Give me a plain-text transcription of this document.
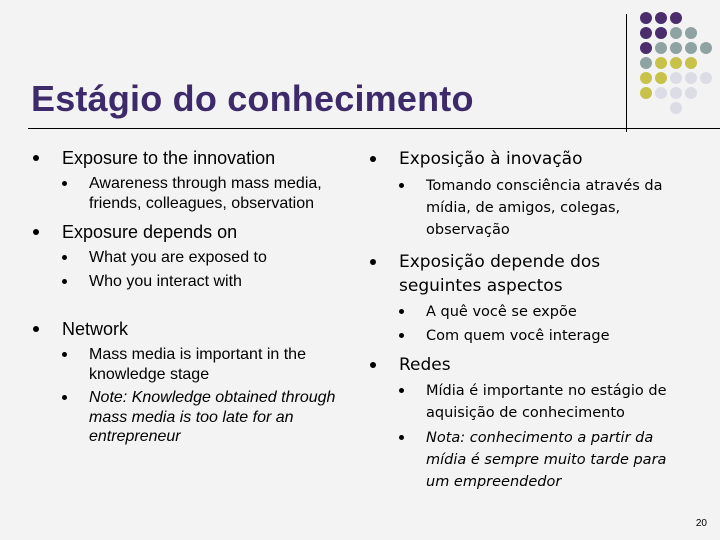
Estágio do conhecimento
Exposure to the innovation
Awareness through mass media, friends, colleagues, observation
Exposure depends on
What you are exposed to
Who you interact with
Network
Mass media is important in the knowledge stage
Note: Knowledge obtained through mass media is too late for an entrepreneur
Exposição à inovação
Tomando consciência através da mídia, de amigos, colegas, observação
Exposição depende dos seguintes aspectos
A quê você se expõe
Com quem você interage
Redes
Mídia é importante no estágio de aquisição de conhecimento
Nota: conhecimento a partir da mídia é sempre muito tarde para um empreendedor
20
